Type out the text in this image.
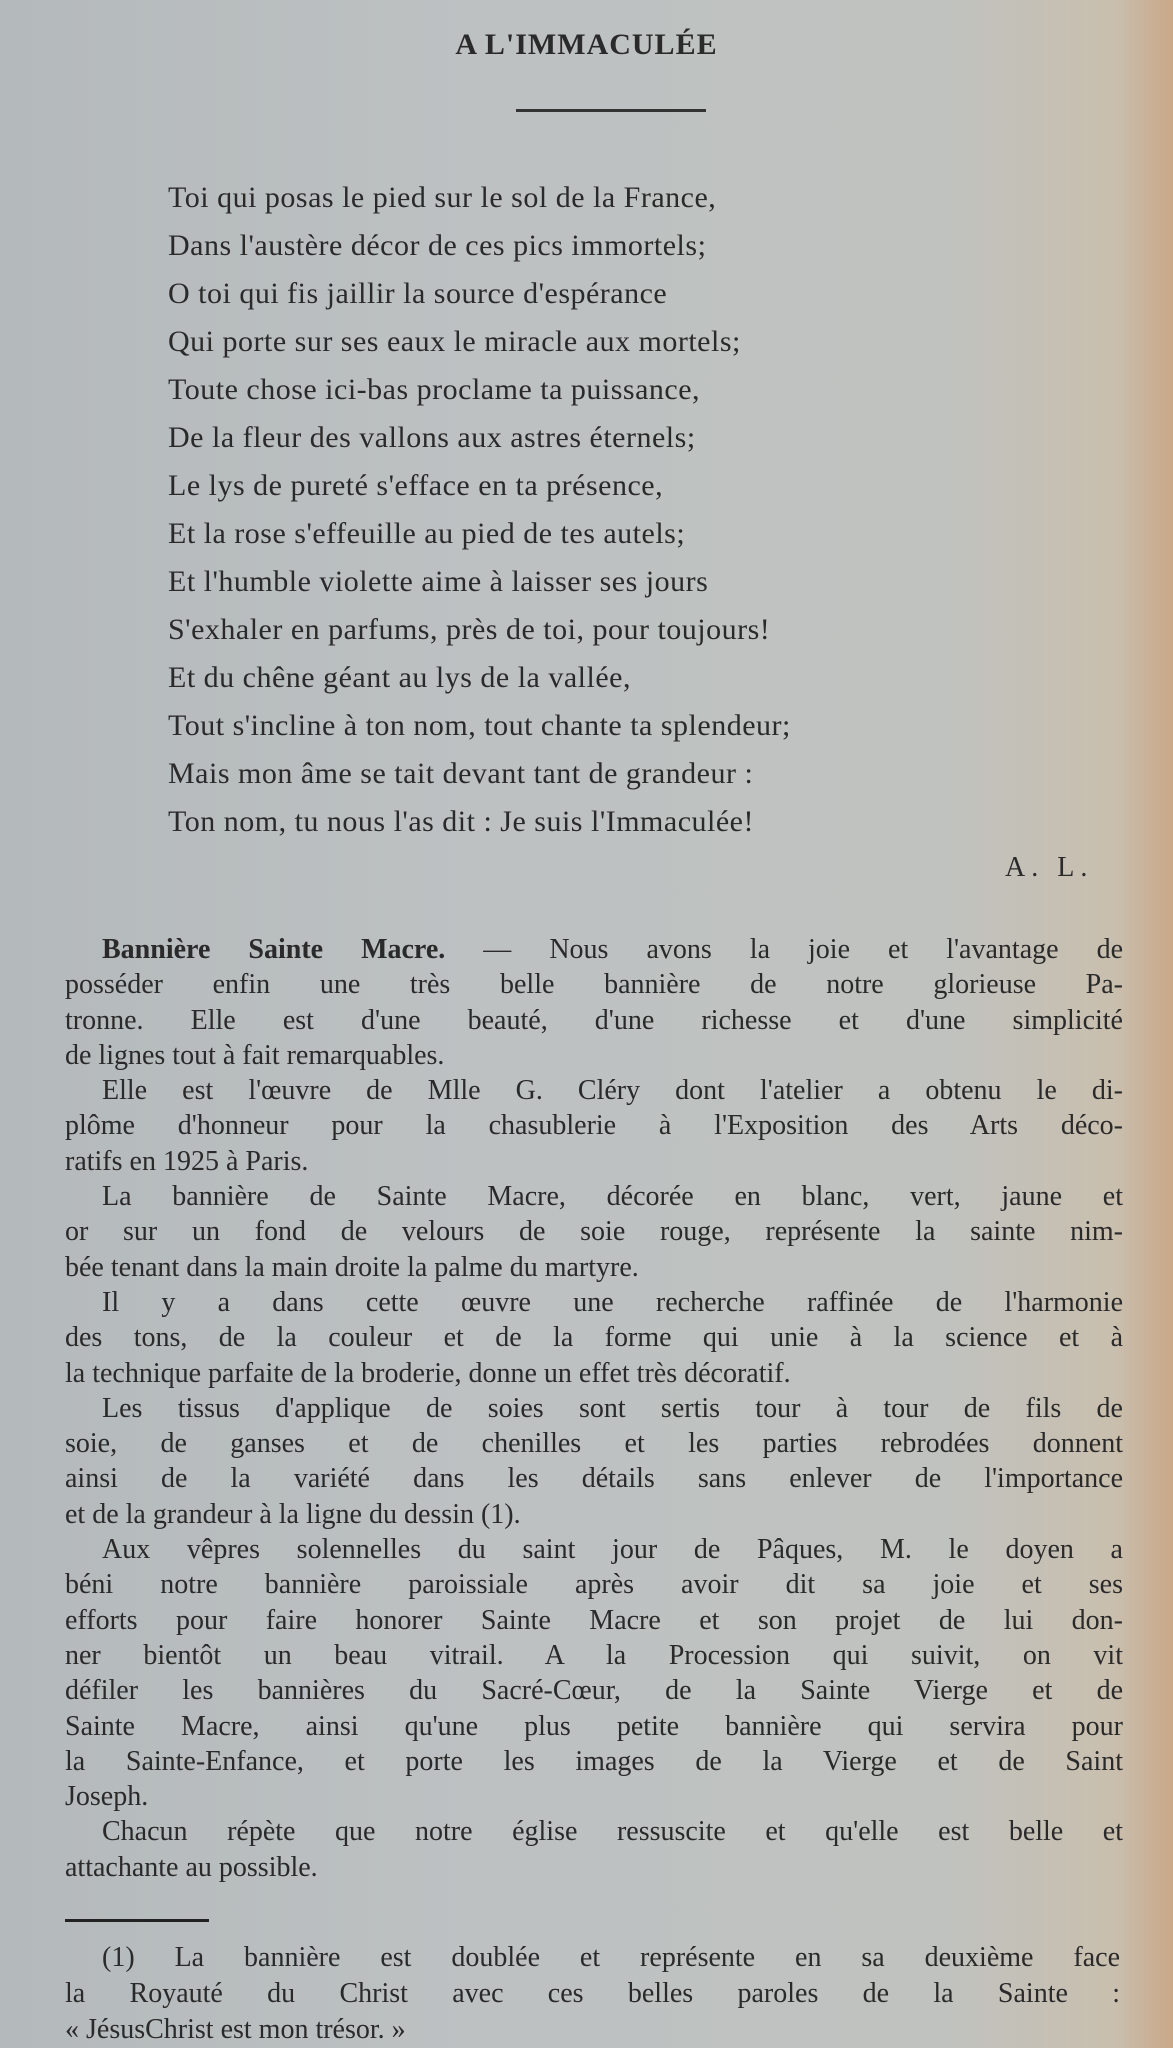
A L'IMMACULÉE
Toi qui posas le pied sur le sol de la France,
Dans l'austère décor de ces pics immortels;
O toi qui fis jaillir la source d'espérance
Qui porte sur ses eaux le miracle aux mortels;
Toute chose ici-bas proclame ta puissance,
De la fleur des vallons aux astres éternels;
Le lys de pureté s'efface en ta présence,
Et la rose s'effeuille au pied de tes autels;
Et l'humble violette aime à laisser ses jours
S'exhaler en parfums, près de toi, pour toujours!
Et du chêne géant au lys de la vallée,
Tout s'incline à ton nom, tout chante ta splendeur;
Mais mon âme se tait devant tant de grandeur :
Ton nom, tu nous l'as dit : Je suis l'Immaculée!
A. L.
Bannière Sainte Macre. — Nous avons la joie et l'avantage de
posséder enfin une très belle bannière de notre glorieuse Pa-
tronne. Elle est d'une beauté, d'une richesse et d'une simplicité
de lignes tout à fait remarquables.
Elle est l'œuvre de Mlle G. Cléry dont l'atelier a obtenu le di-
plôme d'honneur pour la chasublerie à l'Exposition des Arts déco-
ratifs en 1925 à Paris.
La bannière de Sainte Macre, décorée en blanc, vert, jaune et
or sur un fond de velours de soie rouge, représente la sainte nim-
bée tenant dans la main droite la palme du martyre.
Il y a dans cette œuvre une recherche raffinée de l'harmonie
des tons, de la couleur et de la forme qui unie à la science et à
la technique parfaite de la broderie, donne un effet très décoratif.
Les tissus d'applique de soies sont sertis tour à tour de fils de
soie, de ganses et de chenilles et les parties rebrodées donnent
ainsi de la variété dans les détails sans enlever de l'importance
et de la grandeur à la ligne du dessin (1).
Aux vêpres solennelles du saint jour de Pâques, M. le doyen a
béni notre bannière paroissiale après avoir dit sa joie et ses
efforts pour faire honorer Sainte Macre et son projet de lui don-
ner bientôt un beau vitrail. A la Procession qui suivit, on vit
défiler les bannières du Sacré-Cœur, de la Sainte Vierge et de
Sainte Macre, ainsi qu'une plus petite bannière qui servira pour
la Sainte-Enfance, et porte les images de la Vierge et de Saint
Joseph.
Chacun répète que notre église ressuscite et qu'elle est belle et
attachante au possible.
(1) La bannière est doublée et représente en sa deuxième face
la Royauté du Christ avec ces belles paroles de la Sainte :
« JésusChrist est mon trésor. »
